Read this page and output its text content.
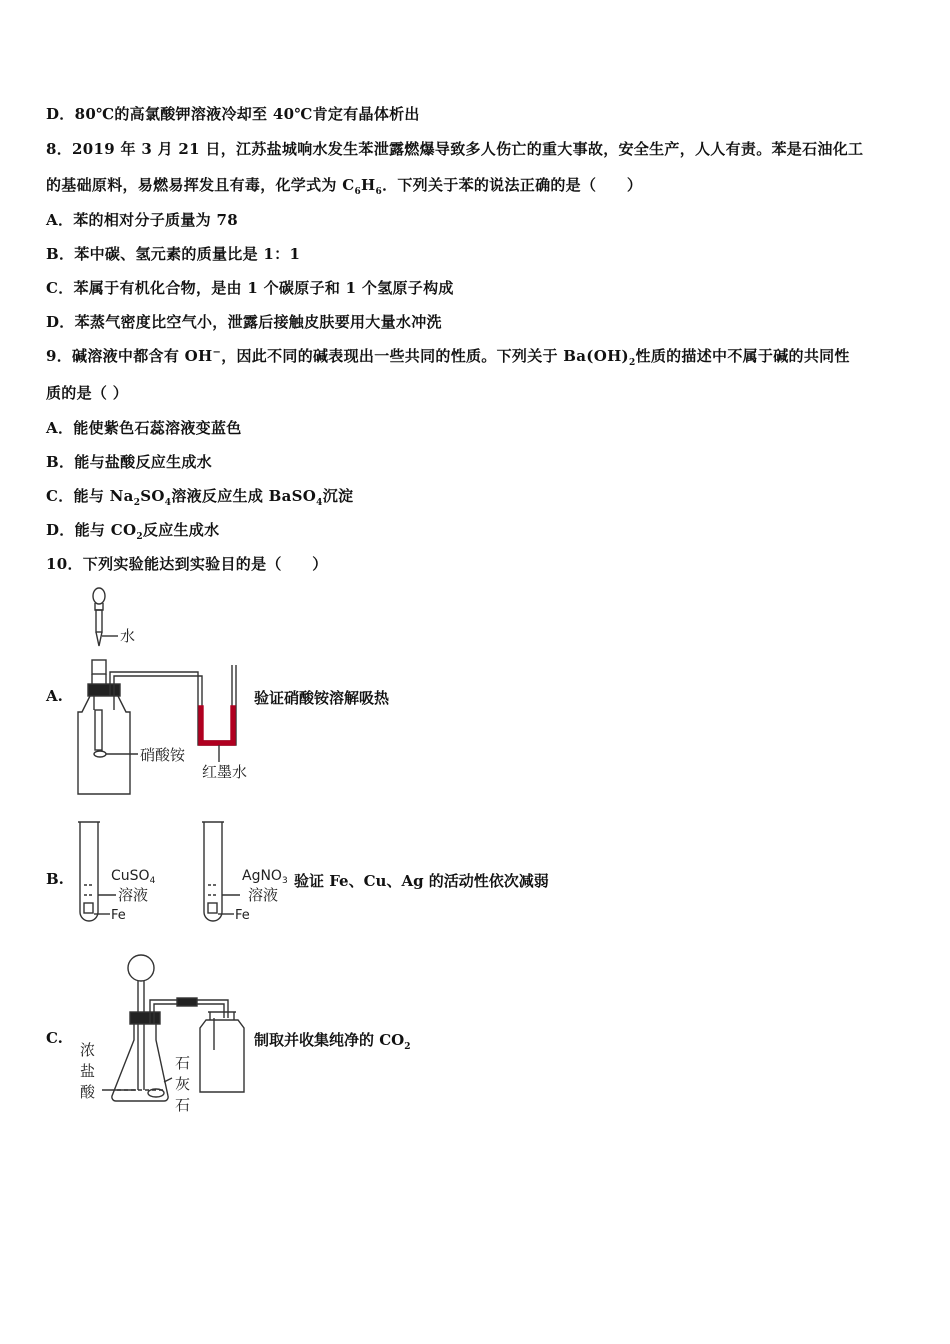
D．80℃的高氯酸钾溶液冷却至 40℃肯定有晶体析出
8．2019 年 3 月 21 日，江苏盐城响水发生苯泄露燃爆导致多人伤亡的重大事故，安全生产，人人有责。苯是石油化工
的基础原料，易燃易挥发且有毒，化学式为 $C_6H_6$．下列关于苯的说法正确的是（　　）
A．苯的相对分子质量为 78
B．苯中碳、氢元素的质量比是 1：1
C．苯属于有机化合物，是由 1 个碳原子和 1 个氢原子构成
D．苯蒸气密度比空气小，泄露后接触皮肤要用大量水冲洗
9．碱溶液中都含有 OH−，因此不同的碱表现出一些共同的性质。下列关于 $Ba(OH)_2$性质的描述中不属于碱的共同性
质的是（ ）
A．能使紫色石蕊溶液变蓝色
B．能与盐酸反应生成水
C．能与 $Na_2SO_4$溶液反应生成 BaSO$_4$沉淀
D．能与 $CO_2$反应生成水
10．下列实验能达到实验目的是（　　）
A.	验证硝酸铵溶解吸热
B.	验证 Fe、Cu、Ag 的活动性依次减弱
C.	制取并收集纯净的 $CO_2$
水
硝酸铵
红墨水
CuSO$_4$
溶液
Fe
AgNO$_3$
溶液
Fe
浓
盐
酸
石
灰
石
